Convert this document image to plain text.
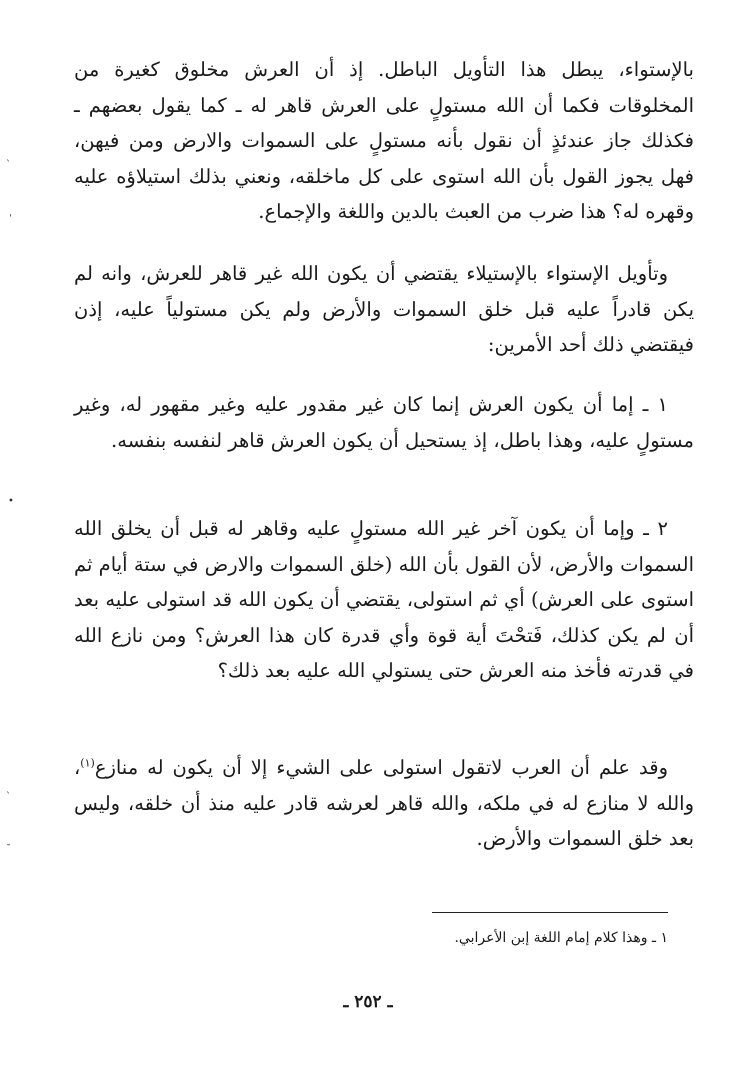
بالإستواء، يبطل هذا التأويل الباطل. إذ أن العرش مخلوق كغيرة من المخلوقات فكما أن الله مستولٍ على العرش قاهر له ـ كما يقول بعضهم ـ فكذلك جاز عندئذٍ أن نقول بأنه مستولٍ على السموات والارض ومن فيهن، فهل يجوز القول بأن الله استوى على كل ماخلقه، ونعني بذلك استيلاؤه عليه وقهره له؟ هذا ضرب من العبث بالدين واللغة والإجماع.

وتأويل الإستواء بالإستيلاء يقتضي أن يكون الله غير قاهر للعرش، وانه لم يكن قادراً عليه قبل خلق السموات والأرض ولم يكن مستولياً عليه، إذن فيقتضي ذلك أحد الأمرين:

١ ـ إما أن يكون العرش إنما كان غير مقدور عليه وغير مقهور له، وغير مستولٍ عليه، وهذا باطل، إذ يستحيل أن يكون العرش قاهر لنفسه بنفسه.

٢ ـ وإما أن يكون آخر غير الله مستولٍ عليه وقاهر له قبل أن يخلق الله السموات والأرض، لأن القول بأن الله (خلق السموات والارض في ستة أيام ثم استوى على العرش) أي ثم استولى، يقتضي أن يكون الله قد استولى عليه بعد أن لم يكن كذلك، فَتحْتَ أية قوة وأي قدرة كان هذا العرش؟ ومن نازع الله في قدرته فأخذ منه العرش حتى يستولي الله عليه بعد ذلك؟

وقد علم أن العرب لاتقول استولى على الشيء إلا أن يكون له منازع$^{(١)}$، والله لا منازع له في ملكه، والله قاهر لعرشه قادر عليه منذ أن خلقه، وليس بعد خلق السموات والأرض.

١ ـ وهذا كلام إمام اللغة إبن الأعرابي.

ـ ٢٥٢ ـ

ˋ
ˈ
•
ˋ
ˉ
